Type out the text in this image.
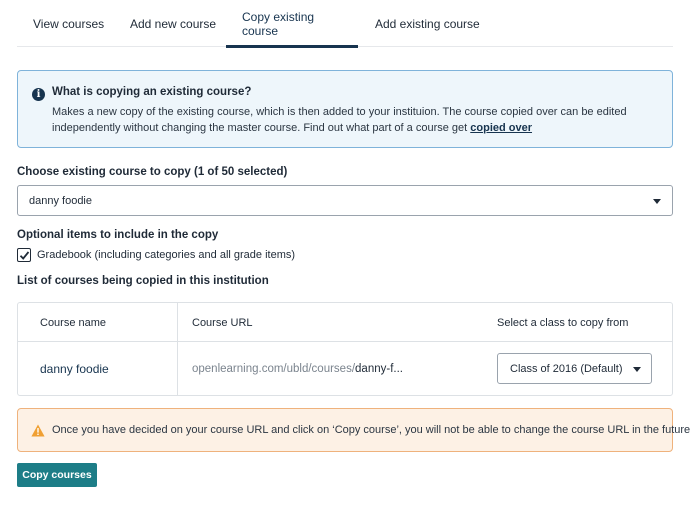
View courses	Add new course	Copy existing course	Add existing course
i	What is copying an existing course?
Makes a new copy of the existing course, which is then added to your instituion. The course copied over can be edited independently without changing the master course. Find out what part of a course get copied over
Choose existing course to copy (1 of 50 selected)
danny foodie
Optional items to include in the copy
Gradebook (including categories and all grade items)
List of courses being copied in this institution
Course name	Course URL	Select a class to copy from
danny foodie	openlearning.com/ubld/courses/danny-f...	Class of 2016 (Default)
Once you have decided on your course URL and click on ‘Copy course’, you will not be able to change the course URL in the future
Copy courses
